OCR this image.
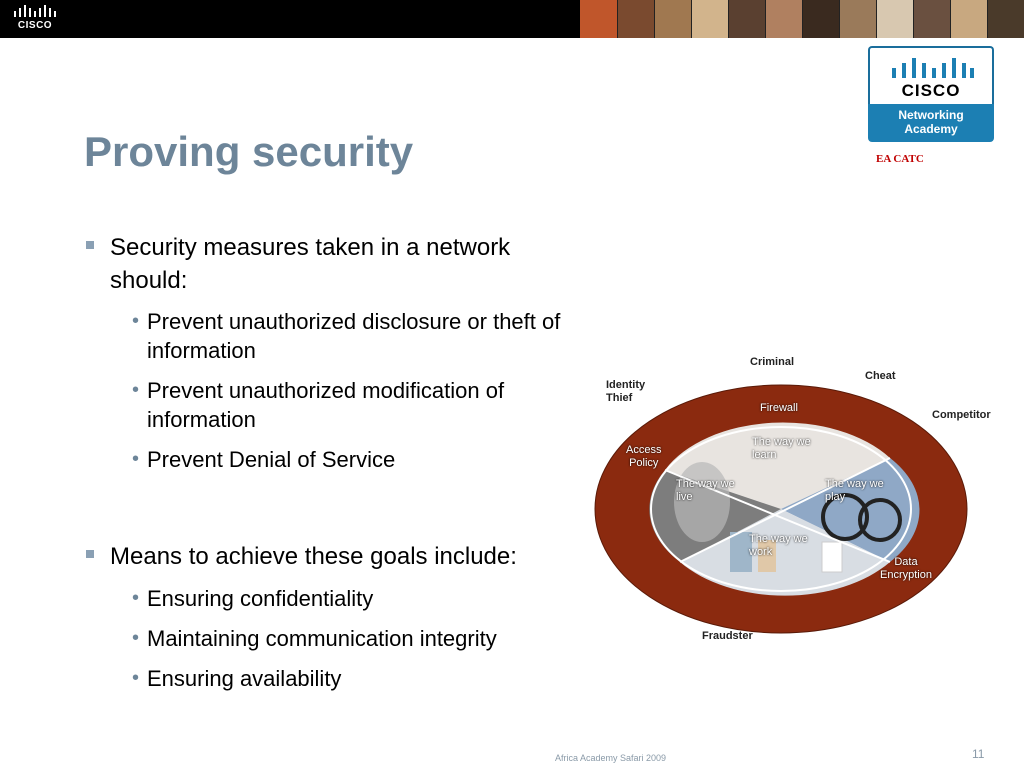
CISCO
CISCO
Networking
Academy
EA CATC
Proving security
Security measures taken in a network
should:
• Prevent unauthorized disclosure or theft of
information
• Prevent unauthorized modification of
information
• Prevent Denial of Service
Means to achieve these goals include:
• Ensuring confidentiality
• Maintaining communication integrity
• Ensuring availability
Criminal
Cheat
Identity
Thief
Competitor
Fraudster
Firewall
Access
Policy
Data
Encryption
The way we
learn
The way we
live
The way we
play
The way we
work
Africa Academy Safari 2009	11
